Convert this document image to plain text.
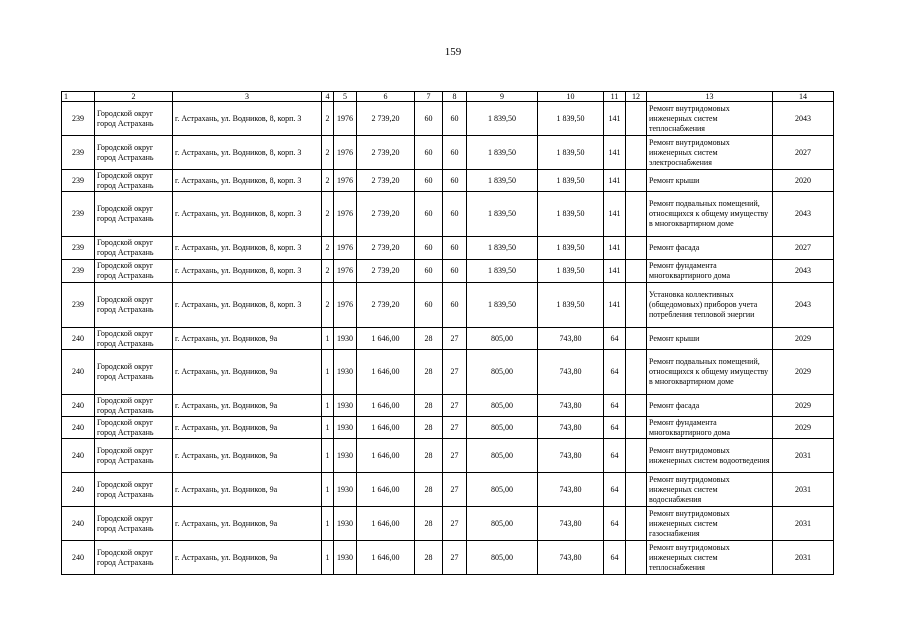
159
1	2	3	4	5	6	7	8	9	10	11	12	13	14
239	Городской округ город Астрахань	г. Астрахань, ул. Водников, 8, корп. 3	2	1976	2 739,20	60	60	1 839,50	1 839,50	141		Ремонт внутридомовых инженерных систем теплоснабжения	2043
239	Городской округ город Астрахань	г. Астрахань, ул. Водников, 8, корп. 3	2	1976	2 739,20	60	60	1 839,50	1 839,50	141		Ремонт внутридомовых инженерных систем электроснабжения	2027
239	Городской округ город Астрахань	г. Астрахань, ул. Водников, 8, корп. 3	2	1976	2 739,20	60	60	1 839,50	1 839,50	141		Ремонт крыши	2020
239	Городской округ город Астрахань	г. Астрахань, ул. Водников, 8, корп. 3	2	1976	2 739,20	60	60	1 839,50	1 839,50	141		Ремонт подвальных помещений, относящихся к общему имуществу в многоквартирном доме	2043
239	Городской округ город Астрахань	г. Астрахань, ул. Водников, 8, корп. 3	2	1976	2 739,20	60	60	1 839,50	1 839,50	141		Ремонт фасада	2027
239	Городской округ город Астрахань	г. Астрахань, ул. Водников, 8, корп. 3	2	1976	2 739,20	60	60	1 839,50	1 839,50	141		Ремонт фундамента многоквартирного дома	2043
239	Городской округ город Астрахань	г. Астрахань, ул. Водников, 8, корп. 3	2	1976	2 739,20	60	60	1 839,50	1 839,50	141		Установка коллективных (общедомовых) приборов учета потребления тепловой энергии	2043
240	Городской округ город Астрахань	г. Астрахань, ул. Водников, 9а	1	1930	1 646,00	28	27	805,00	743,80	64		Ремонт крыши	2029
240	Городской округ город Астрахань	г. Астрахань, ул. Водников, 9а	1	1930	1 646,00	28	27	805,00	743,80	64		Ремонт подвальных помещений, относящихся к общему имуществу в многоквартирном доме	2029
240	Городской округ город Астрахань	г. Астрахань, ул. Водников, 9а	1	1930	1 646,00	28	27	805,00	743,80	64		Ремонт фасада	2029
240	Городской округ город Астрахань	г. Астрахань, ул. Водников, 9а	1	1930	1 646,00	28	27	805,00	743,80	64		Ремонт фундамента многоквартирного дома	2029
240	Городской округ город Астрахань	г. Астрахань, ул. Водников, 9а	1	1930	1 646,00	28	27	805,00	743,80	64		Ремонт внутридомовых инженерных систем водоотведения	2031
240	Городской округ город Астрахань	г. Астрахань, ул. Водников, 9а	1	1930	1 646,00	28	27	805,00	743,80	64		Ремонт внутридомовых инженерных систем водоснабжения	2031
240	Городской округ город Астрахань	г. Астрахань, ул. Водников, 9а	1	1930	1 646,00	28	27	805,00	743,80	64		Ремонт внутридомовых инженерных систем газоснабжения	2031
240	Городской округ город Астрахань	г. Астрахань, ул. Водников, 9а	1	1930	1 646,00	28	27	805,00	743,80	64		Ремонт внутридомовых инженерных систем теплоснабжения	2031
